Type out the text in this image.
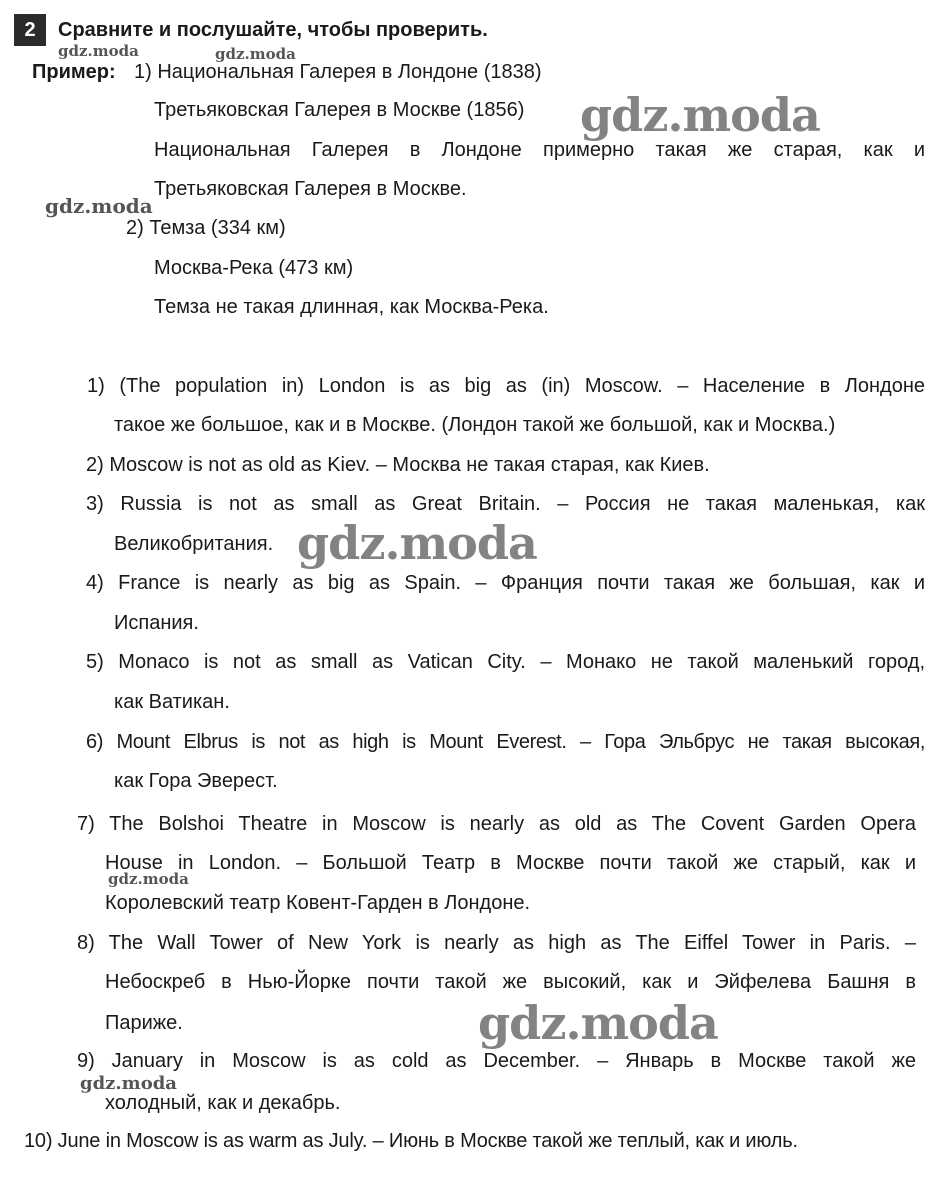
2	Сравните и послушайте, чтобы проверить.
Пример: 1) Национальная Галерея в Лондоне (1838)
Третьяковская Галерея в Москве (1856)
Национальная Галерея в Лондоне примерно такая же старая, как и
Третьяковская Галерея в Москве.
2) Темза (334 км)
Москва-Река (473 км)
Темза не такая длинная, как Москва-Река.
1) (The population in) London is as big as (in) Moscow. – Население в Лондоне
такое же большое, как и в Москве. (Лондон такой же большой, как и Москва.)
2) Moscow is not as old as Kiev. – Москва не такая старая, как Киев.
3) Russia is not as small as Great Britain. – Россия не такая маленькая, как
Великобритания.
4) France is nearly as big as Spain. – Франция почти такая же большая, как и
Испания.
5) Monaco is not as small as Vatican City. – Монако не такой маленький город,
как Ватикан.
6) Mount Elbrus is not as high is Mount Everest. – Гора Эльбрус не такая высокая,
как Гора Эверест.
7) The Bolshoi Theatre in Moscow is nearly as old as The Covent Garden Opera
House in London. – Большой Театр в Москве почти такой же старый, как и
Королевский театр Ковент-Гарден в Лондоне.
8) The Wall Tower of New York is nearly as high as The Eiffel Tower in Paris. –
Небоскреб в Нью-Йорке почти такой же высокий, как и Эйфелева Башня в
Париже.
9) January in Moscow is as cold as December. – Январь в Москве такой же
холодный, как и декабрь.
10) June in Moscow is as warm as July. – Июнь в Москве такой же теплый, как и июль.
gdz.moda	gdz.moda
gdz.moda
gdz.moda
gdz.moda
gdz.moda
gdz.moda
gdz.moda
